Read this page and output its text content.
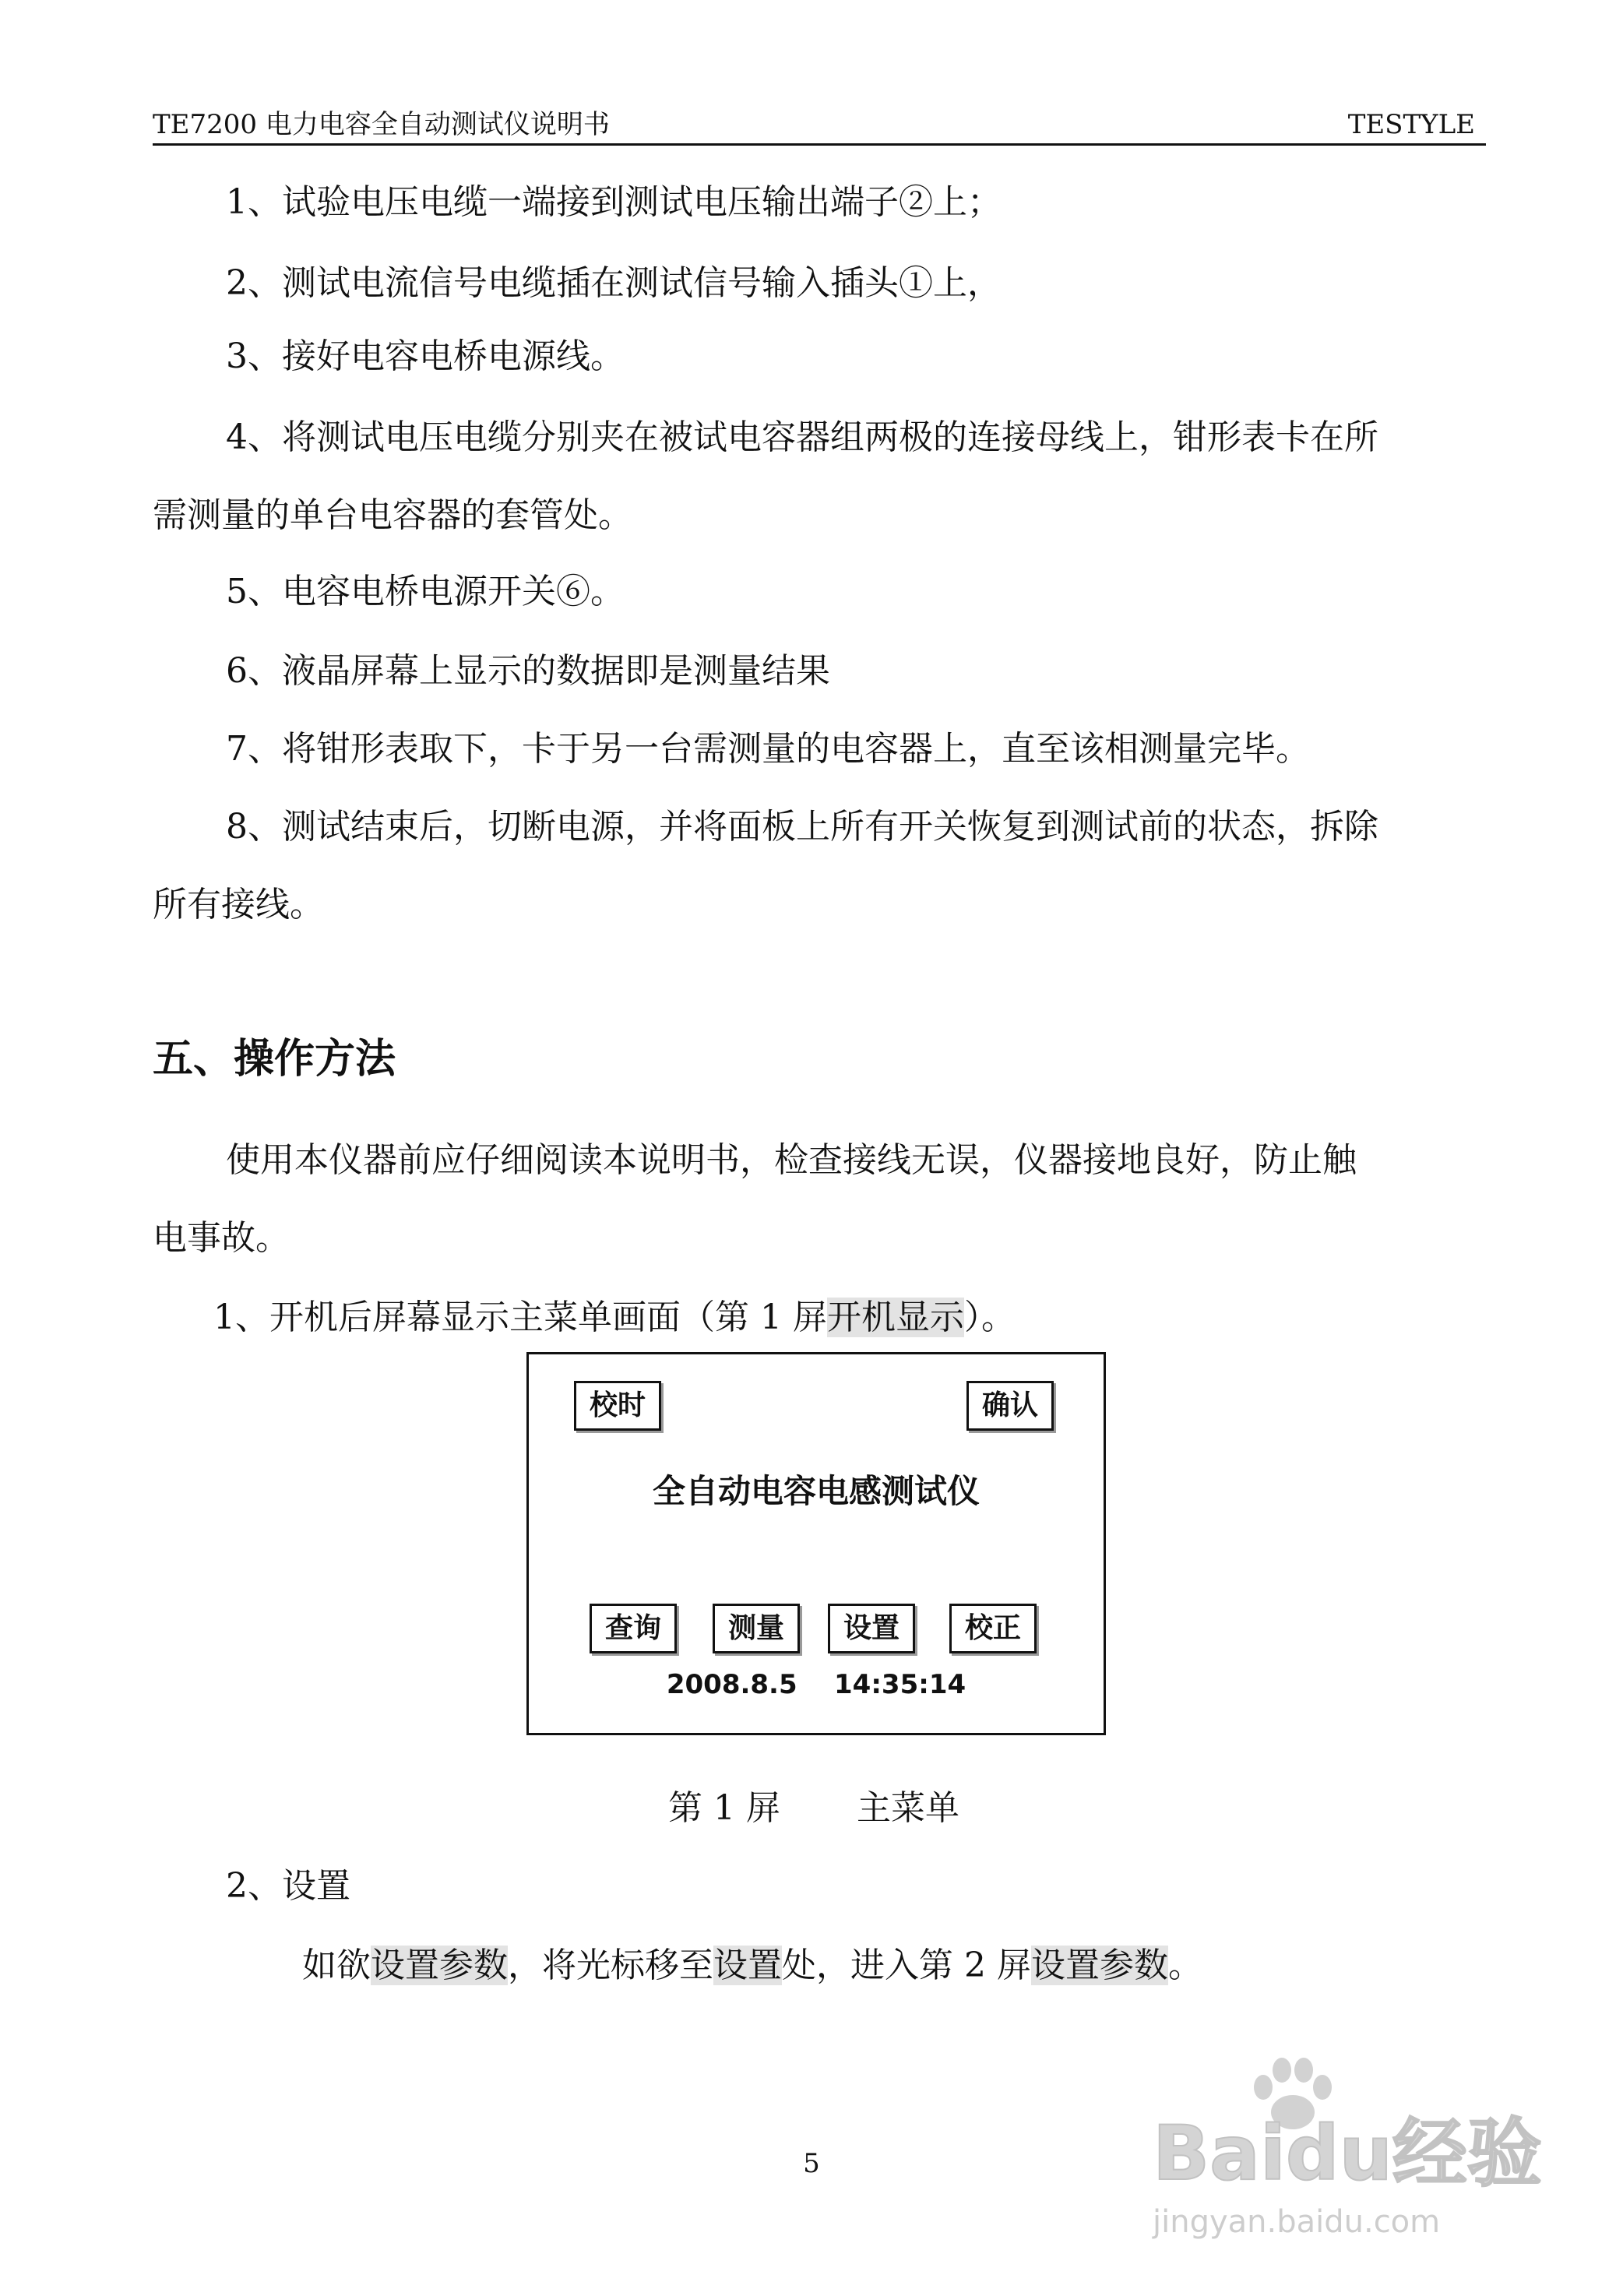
TE7200 电力电容全自动测试仪说明书	TESTYLE
1、试验电压电缆一端接到测试电压输出端子②上；
2、测试电流信号电缆插在测试信号输入插头①上，
3、接好电容电桥电源线。
4、将测试电压电缆分别夹在被试电容器组两极的连接母线上，钳形表卡在所
需测量的单台电容器的套管处。
5、电容电桥电源开关⑥。
6、液晶屏幕上显示的数据即是测量结果
7、将钳形表取下，卡于另一台需测量的电容器上，直至该相测量完毕。
8、测试结束后，切断电源，并将面板上所有开关恢复到测试前的状态，拆除
所有接线。
五、操作方法
使用本仪器前应仔细阅读本说明书，检查接线无误，仪器接地良好，防止触
电事故。
1、开机后屏幕显示主菜单画面（第 1 屏开机显示）。
校时	确认
全自动电容电感测试仪
查询	测量	设置	校正
2008.8.5 14:35:14
第 1 屏 主菜单
2、设置
如欲设置参数，将光标移至设置处，进入第 2 屏设置参数。
5	Baidu经验
jingyan.baidu.com
